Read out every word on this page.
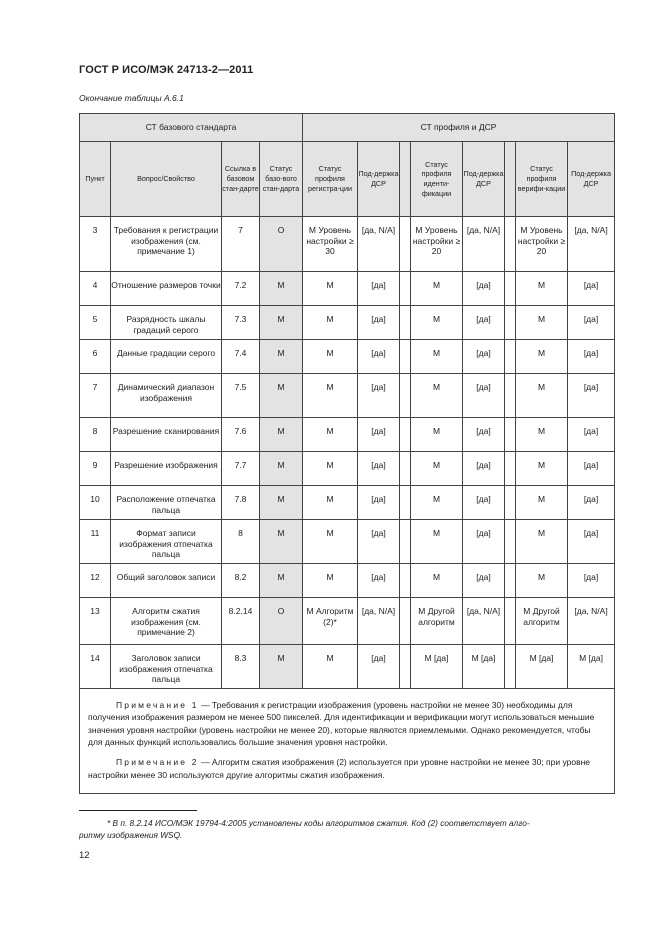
ГОСТ Р ИСО/МЭК 24713-2—2011
Окончание таблицы А.6.1
СТ базового стандарта				СТ профиля и ДСР							
Пункт	Вопрос/Свойство	Ссылка в базовом стан-дарте	Статус базо-вого стан-дарта	Статус профиля регистра-ции	Под-держка ДСР		Статус профиля иденти-фикации	Под-держка ДСР		Статус профиля верифи-кации	Под-держка ДСР
3	Требования к регистрации изображения (см. примечание 1)	7	О	М Уровень настройки ≥ 30	[да, N/A]		М Уровень настройки ≥ 20	[да, N/A]		М Уровень настройки ≥ 20	[да, N/A]
4	Отношение размеров точки	7.2	М	М	[да]		М	[да]		М	[да]
5	Разрядность шкалы градаций серого	7.3	М	М	[да]		М	[да]		М	[да]
6	Данные градации серого	7.4	М	М	[да]		М	[да]		М	[да]
7	Динамический диапазон изображения	7.5	М	М	[да]		М	[да]		М	[да]
8	Разрешение сканирования	7.6	М	М	[да]		М	[да]		М	[да]
9	Разрешение изображения	7.7	М	М	[да]		М	[да]		М	[да]
10	Расположение отпечатка пальца	7.8	М	М	[да]		М	[да]		М	[да]
11	Формат записи изображения отпечатка пальца	8	М	М	[да]		М	[да]		М	[да]
12	Общий заголовок записи	8.2	М	М	[да]		М	[да]		М	[да]
13	Алгоритм сжатия изображения (см. примечание 2)	8.2.14	О	М Алгоритм (2)*	[да, N/A]		М Другой алгоритм	[да, N/A]		М Другой алгоритм	[да, N/A]
14	Заголовок записи изображения отпечатка пальца	8.3	М	М	[да]		М [да]	М [да]		М [да]	М [да]

Примечание 1 — Требования к регистрации изображения (уровень настройки не менее 30) необходимы для получения изображения размером не менее 500 пикселей. Для идентификации и верификации могут использоваться меньшие значения уровня настройки (уровень настройки не менее 20), которые являются приемлемыми. Однако рекомендуется, чтобы для данных функций использовались большие значения уровня настройки.

Примечание 2 — Алгоритм сжатия изображения (2) используется при уровне настройки не менее 30; при уровне настройки менее 30 используются другие алгоритмы сжатия изображения.											

* В п. 8.2.14 ИСО/МЭК 19794-4:2005 установлены коды алгоритмов сжатия. Код (2) соответствует алго-
ритму изображения WSQ.
12
